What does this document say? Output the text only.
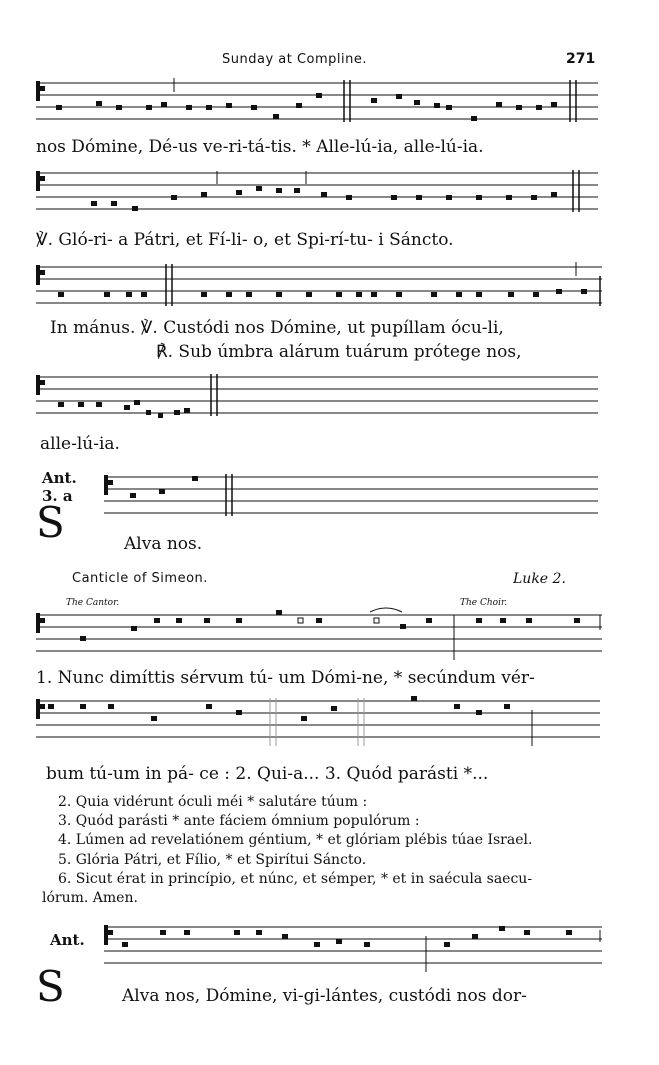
Sunday at Compline.	271
nos Dómine, Dé-us ve-ri-tá-tis. * Alle-lú-ia, alle-lú-ia.
℣. Gló-ri- a Pátri, et Fí-li- o, et Spi-rí-tu- i Sáncto.
In mánus. ℣. Custódi nos Dómine, ut pupíllam ócu-li,
℟. Sub úmbra alárum tuárum prótege nos,
alle-lú-ia.
Ant.
3. a
S	Alva nos.
Canticle of Simeon.	Luke 2.
The Cantor.	The Choir.
1. Nunc dimíttis sérvum tú- um Dómi-ne, * secúndum vér-
bum tú-um in pá- ce : 2. Qui-a... 3. Quód parásti *...
2. Quia vidérunt óculi méi * salutáre túum :
3. Quód parásti * ante fáciem ómnium populórum :
4. Lúmen ad revelatiónem géntium, * et glóriam plébis túae Israel.
5. Glória Pátri, et Fílio, * et Spirítui Sáncto.
6. Sicut érat in princípio, et núnc, et sémper, * et in saécula saecu-
lórum. Amen.
Ant.
S	Alva nos, Dómine, vi-gi-lántes, custódi nos dor-
